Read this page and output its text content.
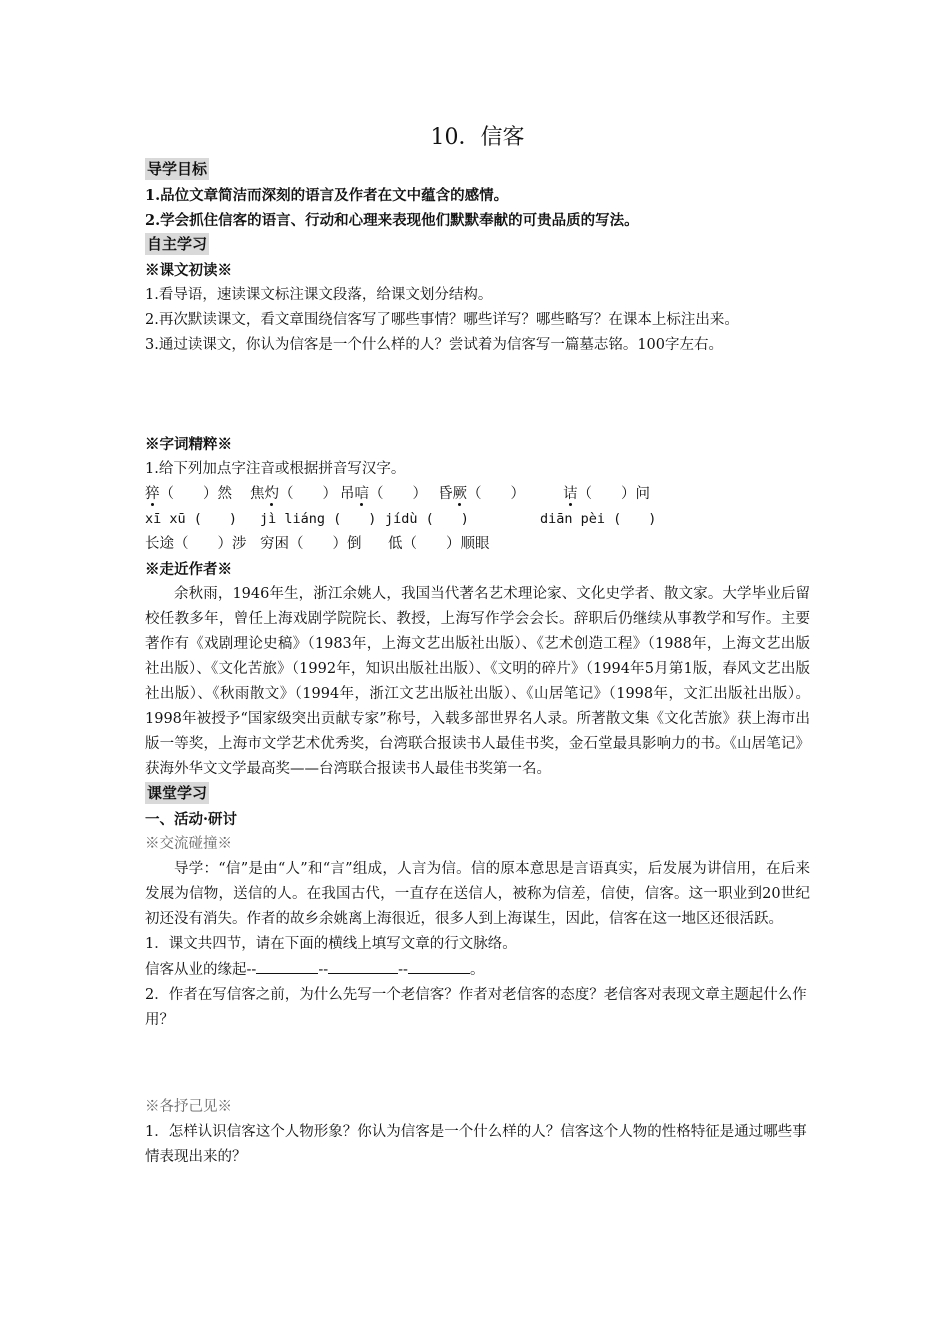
10．信客
导学目标

1.品位文章简洁而深刻的语言及作者在文中蕴含的感情。

2.学会抓住信客的语言、行动和心理来表现他们默默奉献的可贵品质的写法。

自主学习

※课文初读※

1.看导语，速读课文标注课文段落，给课文划分结构。

2.再次默读课文，看文章围绕信客写了哪些事情？哪些详写？哪些略写？在课本上标注出来。

3.通过读课文，你认为信客是一个什么样的人？尝试着为信客写一篇墓志铭。100字左右。

※字词精粹※

1.给下列加点字注音或根据拼音写汉字。

猝（　　）然	焦灼（　　） 吊唁（　　） 昏厥（　　）	诘（　　）问
xī xū (　　)	jì liáng (　　) jídù (　　)	diān pèi (　　)
长途（　　）涉 穷困（　　）倒	低（　　）顺眼

※走近作者※

余秋雨，1946年生，浙江余姚人，我国当代著名艺术理论家、文化史学者、散文家。大学毕业后留校任教多年，曾任上海戏剧学院院长、教授，上海写作学会会长。辞职后仍继续从事教学和写作。主要著作有《戏剧理论史稿》（1983年，上海文艺出版社出版）、《艺术创造工程》（1988年，上海文艺出版社出版）、《文化苦旅》（1992年，知识出版社出版）、《文明的碎片》（1994年5月第1版，春风文艺出版社出版）、《秋雨散文》（1994年，浙江文艺出版社出版）、《山居笔记》（1998年，文汇出版社出版）。1998年被授予“国家级突出贡献专家”称号，入载多部世界名人录。所著散文集《文化苦旅》获上海市出版一等奖，上海市文学艺术优秀奖，台湾联合报读书人最佳书奖，金石堂最具影响力的书。《山居笔记》获海外华文文学最高奖——台湾联合报读书人最佳书奖第一名。

课堂学习

一、活动·研讨

※交流碰撞※

导学：“信”是由“人”和“言”组成，人言为信。信的原本意思是言语真实，后发展为讲信用，在后来发展为信物，送信的人。在我国古代，一直存在送信人，被称为信差，信使，信客。这一职业到20世纪初还没有消失。作者的故乡余姚离上海很近，很多人到上海谋生，因此，信客在这一地区还很活跃。

1．课文共四节，请在下面的横线上填写文章的行文脉络。

信客从业的缘起--	--	--	。

2．作者在写信客之前，为什么先写一个老信客？作者对老信客的态度？老信客对表现文章主题起什么作用？

※各抒己见※

1．怎样认识信客这个人物形象？你认为信客是一个什么样的人？信客这个人物的性格特征是通过哪些事情表现出来的？
